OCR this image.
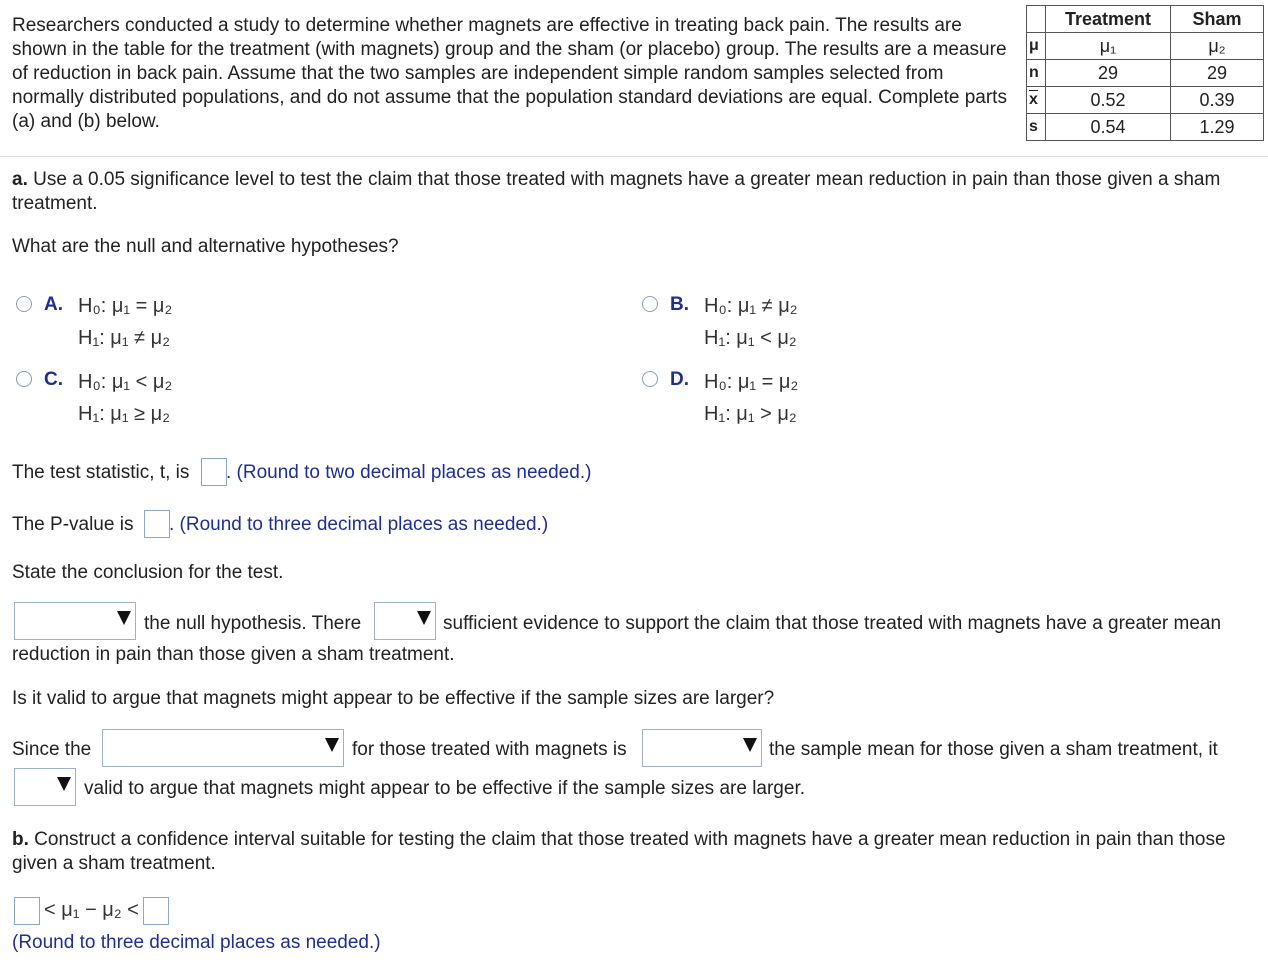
Researchers conducted a study to determine whether magnets are effective in treating back pain. The results are shown in the table for the treatment (with magnets) group and the sham (or placebo) group. The results are a measure of reduction in back pain. Assume that the two samples are independent simple random samples selected from normally distributed populations, and do not assume that the population standard deviations are equal. Complete parts (a) and (b) below.
	Treatment	Sham
μ	μ₁	μ₂
n	29	29
$\overline{x}$	0.52	0.39
s	0.54	1.29
a. Use a 0.05 significance level to test the claim that those treated with magnets have a greater mean reduction in pain than those given a sham treatment.
What are the null and alternative hypotheses?
A. H₀: μ₁ = μ₂
H₁: μ₁ ≠ μ₂
B. H₀: μ₁ ≠ μ₂
H₁: μ₁ < μ₂
C. H₀: μ₁ < μ₂
H₁: μ₁ ≥ μ₂
D. H₀: μ₁ = μ₂
H₁: μ₁ > μ₂
The test statistic, t, is . (Round to two decimal places as needed.)
The P-value is . (Round to three decimal places as needed.)
State the conclusion for the test.
the null hypothesis. There	sufficient evidence to support the claim that those treated with magnets have a greater mean
reduction in pain than those given a sham treatment.
Is it valid to argue that magnets might appear to be effective if the sample sizes are larger?
Since the	for those treated with magnets is	the sample mean for those given a sham treatment, it
valid to argue that magnets might appear to be effective if the sample sizes are larger.
b. Construct a confidence interval suitable for testing the claim that those treated with magnets have a greater mean reduction in pain than those given a sham treatment.
< μ₁ − μ₂ <
(Round to three decimal places as needed.)
